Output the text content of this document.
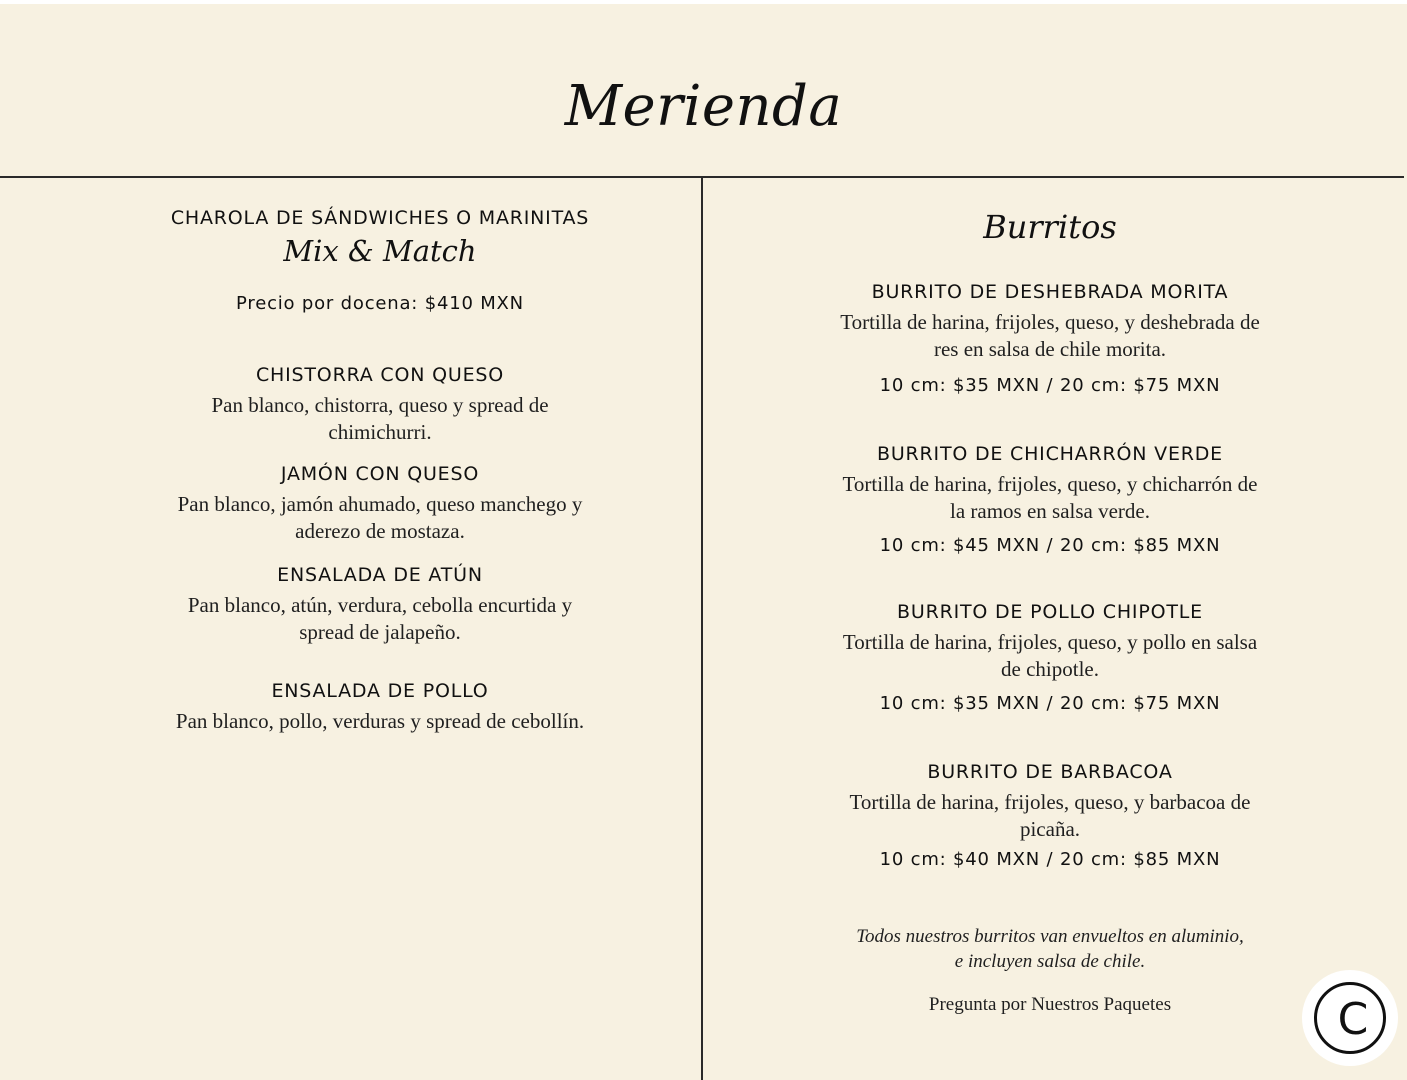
Merienda
CHAROLA DE SÁNDWICHES O MARINITAS
Mix & Match
Precio por docena: $410 MXN
CHISTORRA CON QUESO
Pan blanco, chistorra, queso y spread de
chimichurri.
JAMÓN CON QUESO
Pan blanco, jamón ahumado, queso manchego y
aderezo de mostaza.
ENSALADA DE ATÚN
Pan blanco, atún, verdura, cebolla encurtida y
spread de jalapeño.
ENSALADA DE POLLO
Pan blanco, pollo, verduras y spread de cebollín.
Burritos
BURRITO DE DESHEBRADA MORITA
Tortilla de harina, frijoles, queso, y deshebrada de
res en salsa de chile morita.
10 cm: $35 MXN / 20 cm: $75 MXN
BURRITO DE CHICHARRÓN VERDE
Tortilla de harina, frijoles, queso, y chicharrón de
la ramos en salsa verde.
10 cm: $45 MXN / 20 cm: $85 MXN
BURRITO DE POLLO CHIPOTLE
Tortilla de harina, frijoles, queso, y pollo en salsa
de chipotle.
10 cm: $35 MXN / 20 cm: $75 MXN
BURRITO DE BARBACOA
Tortilla de harina, frijoles, queso, y barbacoa de
picaña.
10 cm: $40 MXN / 20 cm: $85 MXN
Todos nuestros burritos van envueltos en aluminio,
e incluyen salsa de chile.
Pregunta por Nuestros Paquetes	C
